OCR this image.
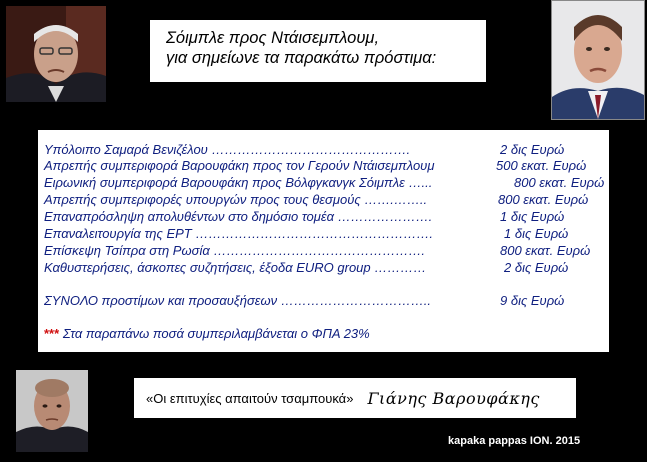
Σόιμπλε προς Ντάισεμπλουμ,
για σημείωνε τα παρακάτω πρόστιμα:
Υπόλοιπο Σαμαρά Βενιζέλου ……………………………………….	2 δις Ευρώ
Απρεπής συμπεριφορά Βαρουφάκη προς τον Γερούν Ντάισεμπλουμ	500 εκατ. Ευρώ
Ειρωνική συμπεριφορά Βαρουφάκη προς Βόλφγκανγκ Σόιμπλε …...	800 εκατ. Ευρώ
Απρεπής συμπεριφορές υπουργών προς τους θεσμούς …….……..	800 εκατ. Ευρώ
Επαναπρόσληψη απολυθέντων στο δημόσιο τομέα ………………….	1 δις Ευρώ
Επαναλειτουργία της ΕΡΤ ……………………………………………….	1 δις Ευρώ
Επίσκεψη Τσίπρα στη Ρωσία ………………………………………….	800 εκατ. Ευρώ
Καθυστερήσεις, άσκοπες συζητήσεις, έξοδα EURO group …………	2 δις Ευρώ
ΣΥΝΟΛΟ προστίμων και προσαυξήσεων ……………………………..	9 δις Ευρώ
*** Στα παραπάνω ποσά συμπεριλαμβάνεται ο ΦΠΑ 23%
«Οι επιτυχίες απαιτούν τσαμπουκά» Γιάνης Βαρουφάκης
kapaka pappas ION. 2015
